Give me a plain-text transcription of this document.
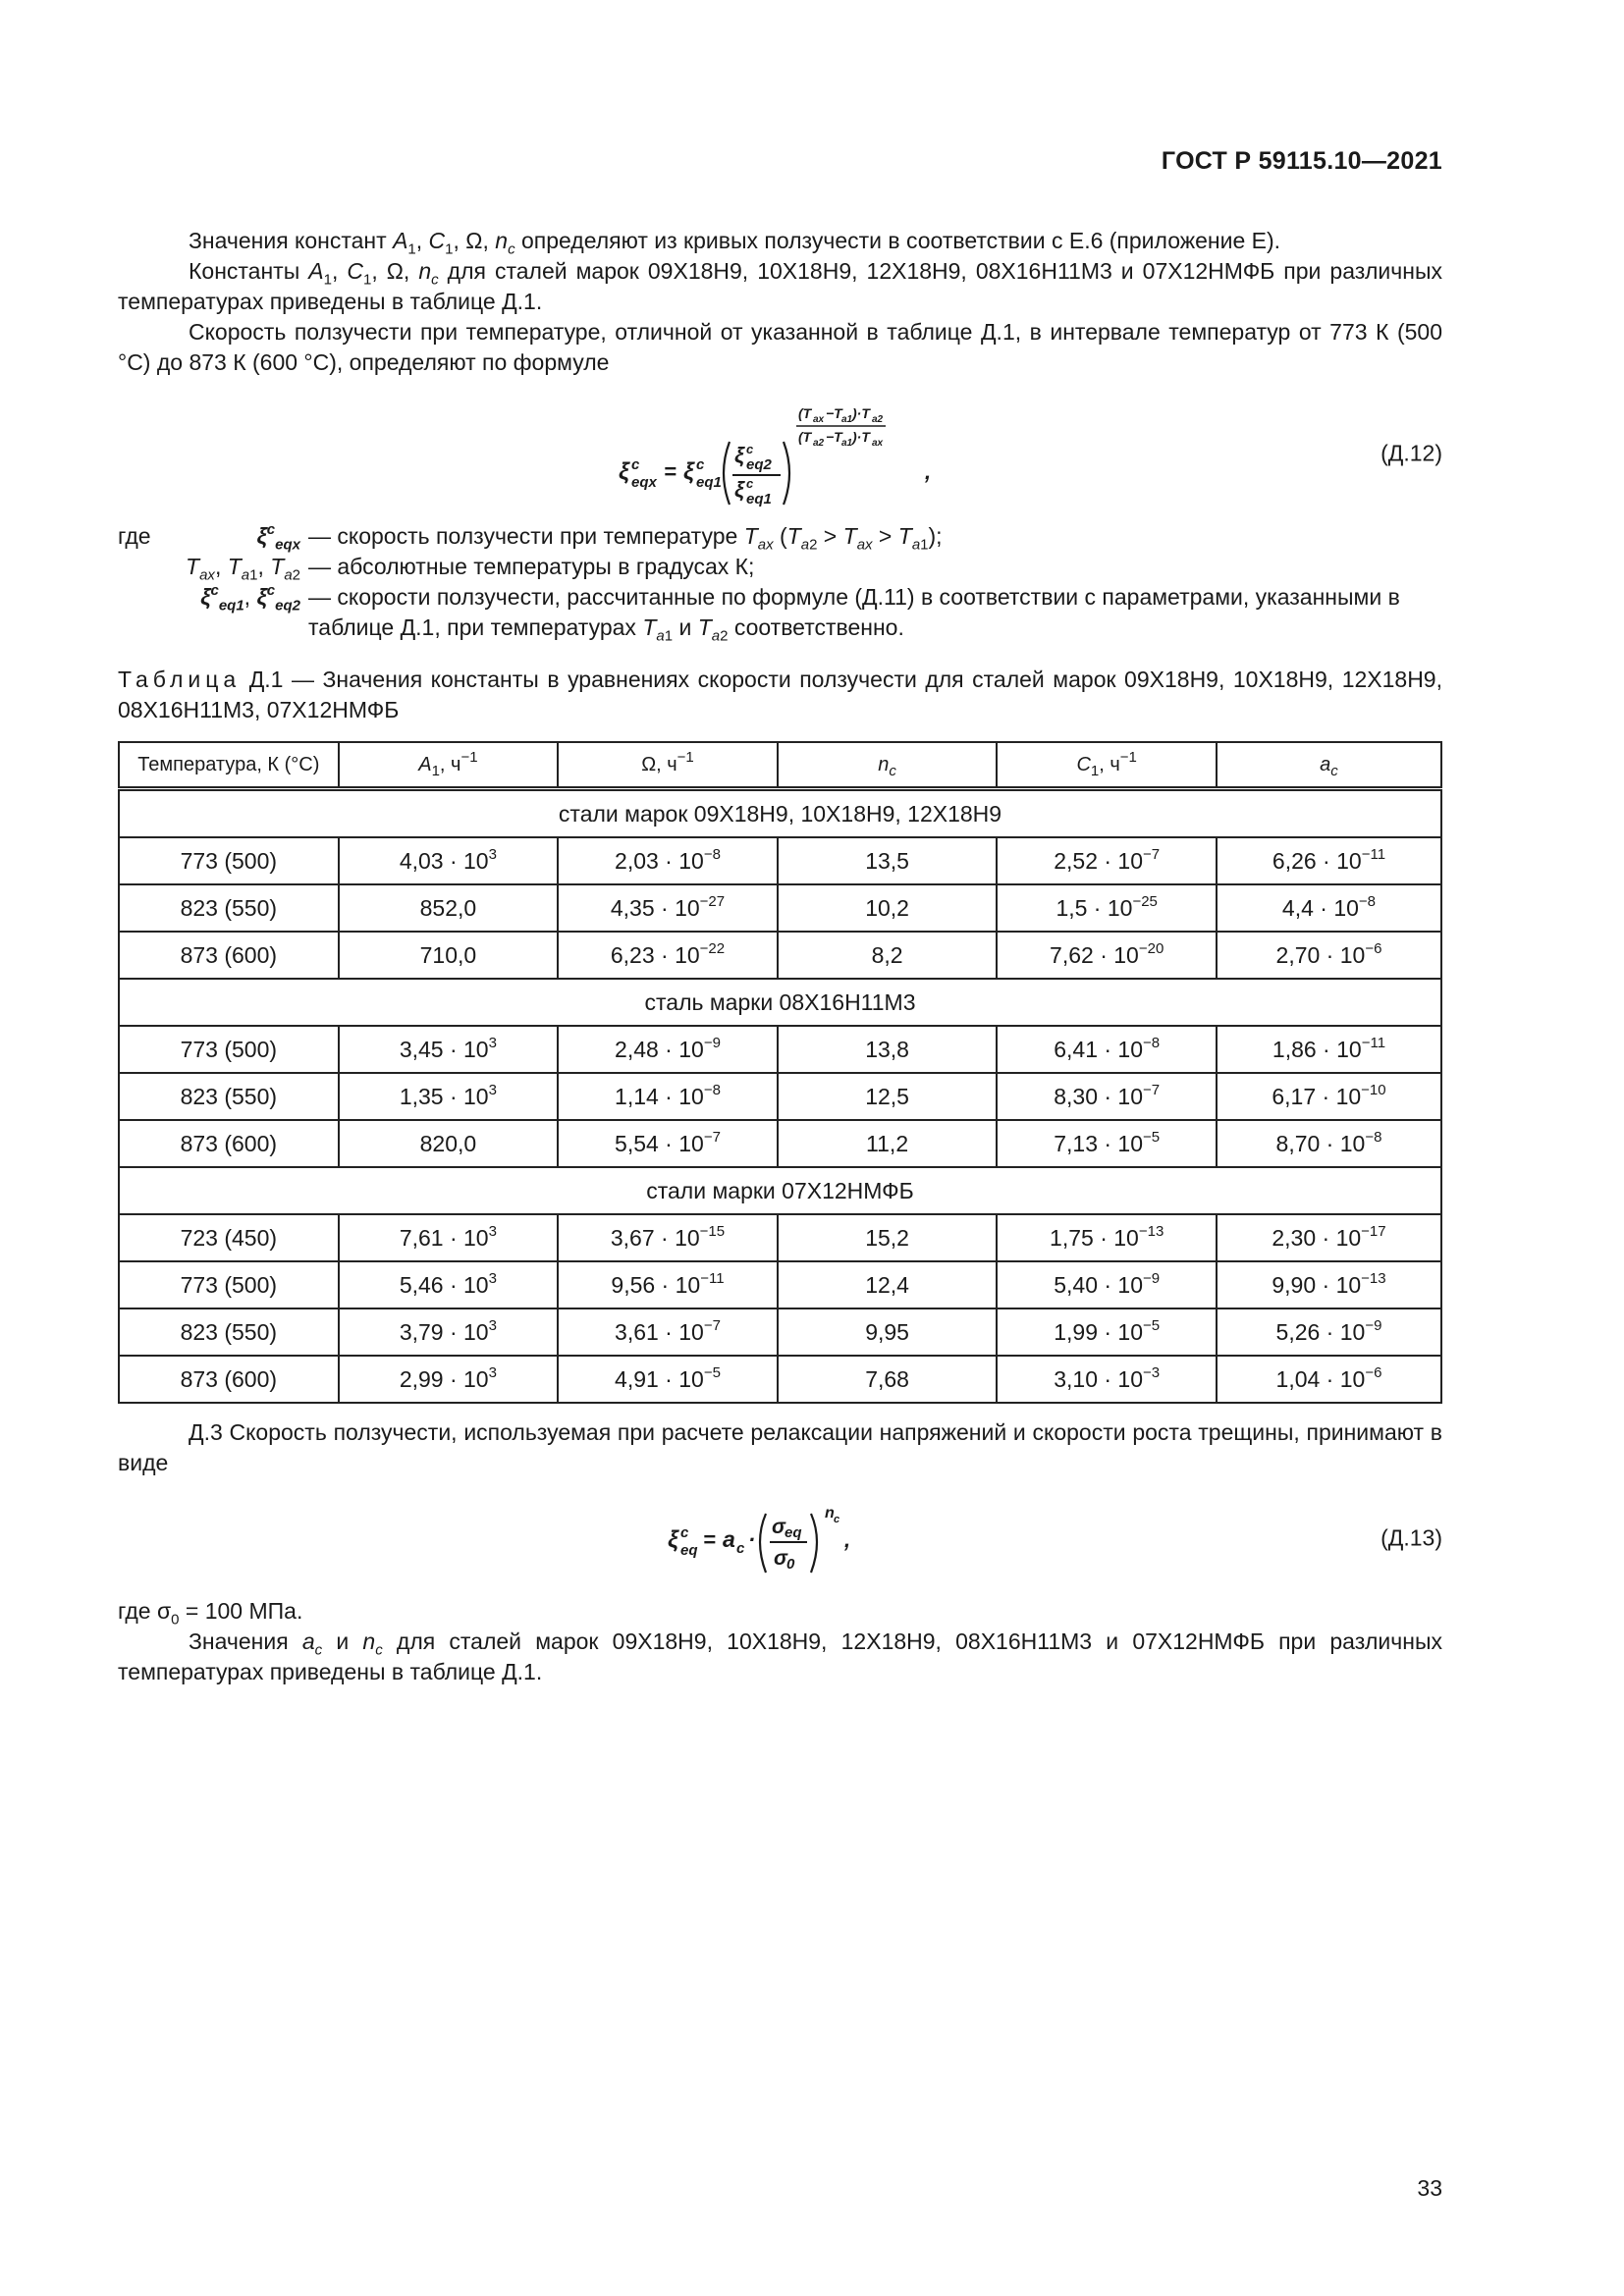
ГОСТ Р 59115.10—2021

Значения констант $A_1$, $C_1$, Ω, $n_c$ определяют из кривых ползучести в соответствии с Е.6 (приложение Е).

Константы $A_1$, $C_1$, Ω, $n_c$ для сталей марок 09Х18Н9, 10Х18Н9, 12Х18Н9, 08Х16Н11М3 и 07Х12НМФБ при различных температурах приведены в таблице Д.1.

Скорость ползучести при температуре, отличной от указанной в таблице Д.1, в интервале температур от 773 К (500 °С) до 873 К (600 °С), определяют по формуле

ξ c
eqx = ξ c
eq1
ξ c
eq2
ξ c
eq1
(T ax −T a1 )·T a2
(T a2 −T a1 )·T ax
,
(Д.12)
где	$\xi^c_{eqx}$ — скорость ползучести при температуре $T_{ax}$ $(T_{a2} > T_{ax} > T_{a1})$;
$T_{ax}$, $T_{a1}$, $T_{a2}$ — абсолютные температуры в градусах К;
$\xi^c_{eq1}$, $\xi^c_{eq2}$ — скорости ползучести, рассчитанные по формуле (Д.11) в соответствии с параметрами, указанными в таблице Д.1, при температурах $T_{a1}$ и $T_{a2}$ соответственно.

Таблица Д.1 — Значения константы в уравнениях скорости ползучести для сталей марок 09Х18Н9, 10Х18Н9, 12Х18Н9, 08Х16Н11М3, 07Х12НМФБ

Температура, К (°С)	$A_1$, $ч^{-1}$	Ω, $ч^{-1}$	$n_c$	$C_1$, $ч^{-1}$	$a_c$
стали марок 09Х18Н9, 10Х18Н9, 12Х18Н9					
773 (500)	$4,03 \cdot 10^3$	$2,03 \cdot 10^{-8}$	13,5	$2,52 \cdot 10^{-7}$	$6,26 \cdot 10^{-11}$
823 (550)	852,0	$4,35 \cdot 10^{-27}$	10,2	$1,5 \cdot 10^{-25}$	$4,4 \cdot 10^{-8}$
873 (600)	710,0	$6,23 \cdot 10^{-22}$	8,2	$7,62 \cdot 10^{-20}$	$2,70 \cdot 10^{-6}$
сталь марки 08Х16Н11М3					
773 (500)	$3,45 \cdot 10^3$	$2,48 \cdot 10^{-9}$	13,8	$6,41 \cdot 10^{-8}$	$1,86 \cdot 10^{-11}$
823 (550)	$1,35 \cdot 10^3$	$1,14 \cdot 10^{-8}$	12,5	$8,30 \cdot 10^{-7}$	$6,17 \cdot 10^{-10}$
873 (600)	820,0	$5,54 \cdot 10^{-7}$	11,2	$7,13 \cdot 10^{-5}$	$8,70 \cdot 10^{-8}$
стали марки 07Х12НМФБ					
723 (450)	$7,61 \cdot 10^3$	$3,67 \cdot 10^{-15}$	15,2	$1,75 \cdot 10^{-13}$	$2,30 \cdot 10^{-17}$
773 (500)	$5,46 \cdot 10^3$	$9,56 \cdot 10^{-11}$	12,4	$5,40 \cdot 10^{-9}$	$9,90 \cdot 10^{-13}$
823 (550)	$3,79 \cdot 10^3$	$3,61 \cdot 10^{-7}$	9,95	$1,99 \cdot 10^{-5}$	$5,26 \cdot 10^{-9}$
873 (600)	$2,99 \cdot 10^3$	$4,91 \cdot 10^{-5}$	7,68	$3,10 \cdot 10^{-3}$	$1,04 \cdot 10^{-6}$

Д.3 Скорость ползучести, используемая при расчете релаксации напряжений и скорости роста трещины, принимают в виде

ξ c
eq = a c ·
σ eq
σ 0
n c
,	(Д.13)

где $\sigma_0 = 100$ МПа.

Значения $a_c$ и $n_c$ для сталей марок 09Х18Н9, 10Х18Н9, 12Х18Н9, 08Х16Н11М3 и 07Х12НМФБ при различных температурах приведены в таблице Д.1.

33
